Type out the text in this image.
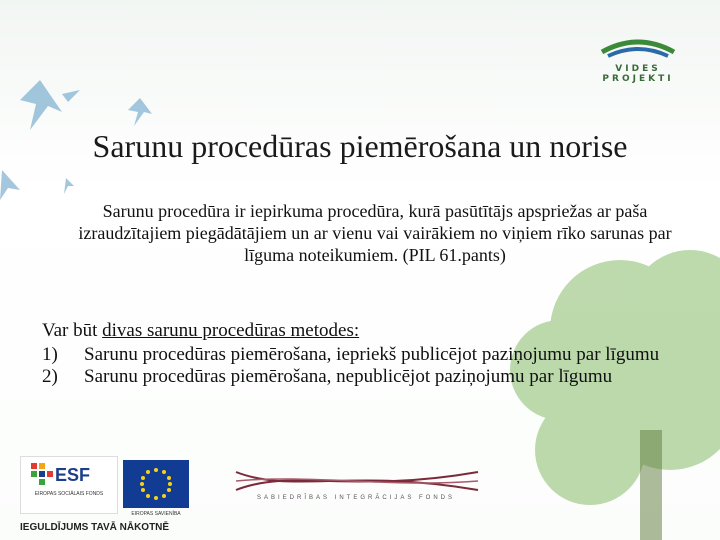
VIDES PROJEKTI
Sarunu procedūras piemērošana un norise
Sarunu procedūra ir iepirkuma procedūra, kurā pasūtītājs apspriežas ar paša izraudzītajiem piegādātājiem un ar vienu vai vairākiem no viņiem rīko sarunas par līguma noteikumiem. (PIL 61.pants)
Var būt divas sarunu procedūras metodes:
1)	Sarunu procedūras piemērošana, iepriekš publicējot paziņojumu par līgumu
2)	Sarunu procedūras piemērošana, nepublicējot paziņojumu par līgumu
ESF
EIROPAS SOCIĀLAIS FONDS
EIROPAS SAVIENĪBA
SABIEDRĪBAS INTEGRĀCIJAS FONDS
IEGULDĪJUMS TAVĀ NĀKOTNĒ
